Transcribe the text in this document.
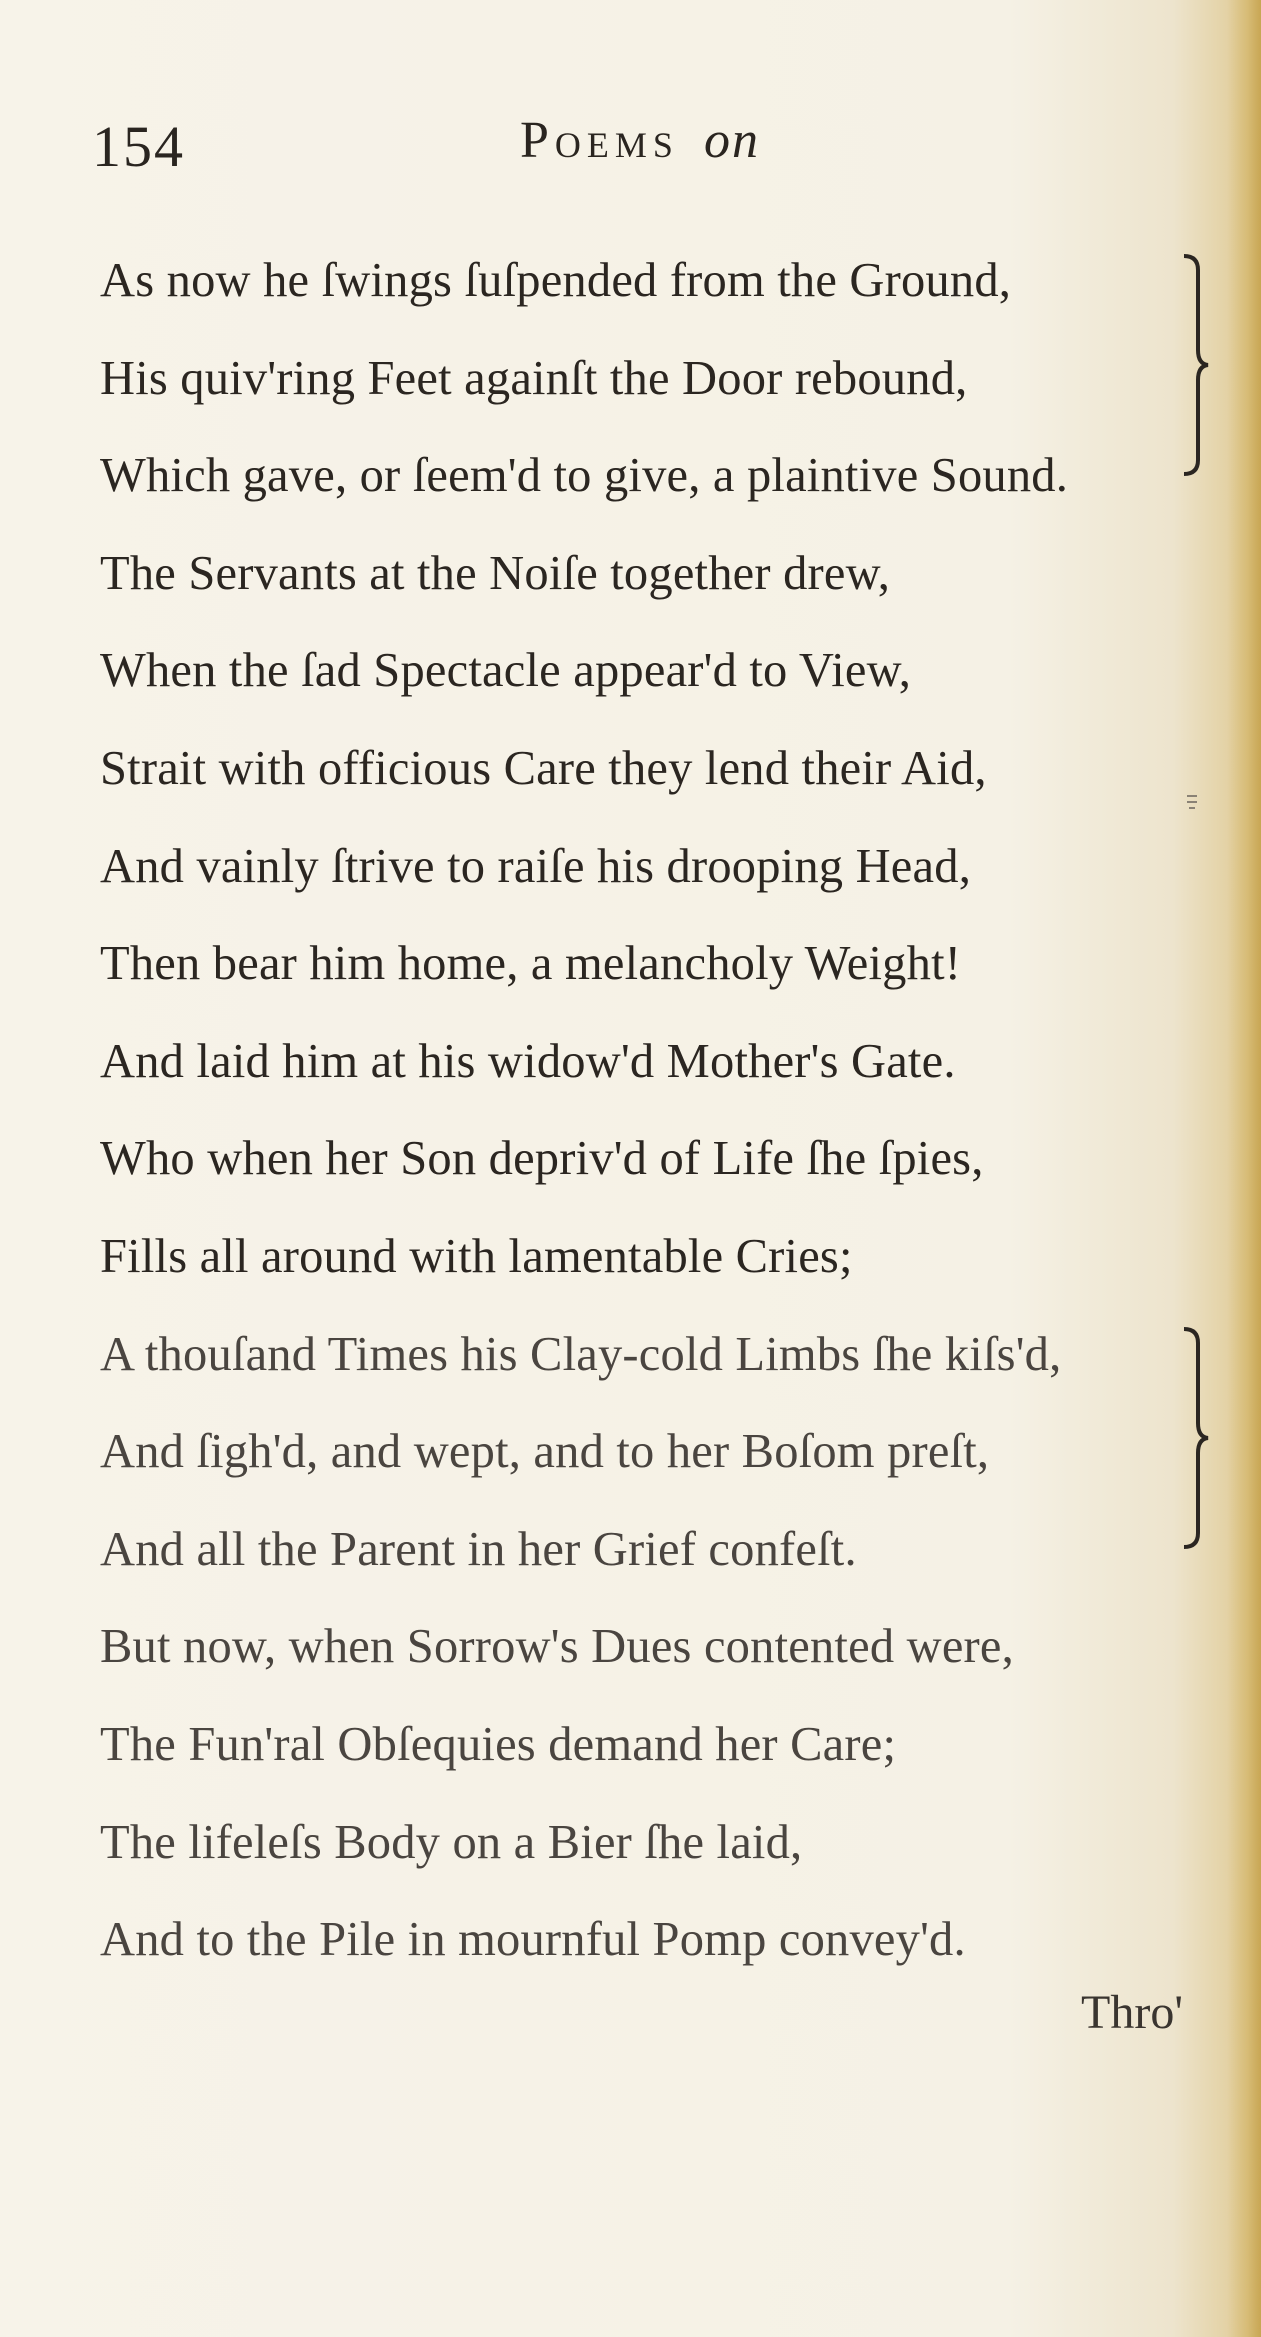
154	Poems on
As now he ſwings ſuſpended from the Ground,
His quiv'ring Feet againſt the Door rebound,
Which gave, or ſeem'd to give, a plaintive Sound.
The Servants at the Noiſe together drew,
When the ſad Spectacle appear'd to View,
Strait with officious Care they lend their Aid,
And vainly ſtrive to raiſe his drooping Head,
Then bear him home, a melancholy Weight!
And laid him at his widow'd Mother's Gate.
Who when her Son depriv'd of Life ſhe ſpies,
Fills all around with lamentable Cries;
A thouſand Times his Clay-cold Limbs ſhe kiſs'd,
And ſigh'd, and wept, and to her Boſom preſt,
And all the Parent in her Grief confeſt.
But now, when Sorrow's Dues contented were,
The Fun'ral Obſequies demand her Care;
The lifeleſs Body on a Bier ſhe laid,
And to the Pile in mournful Pomp convey'd.
Thro'
